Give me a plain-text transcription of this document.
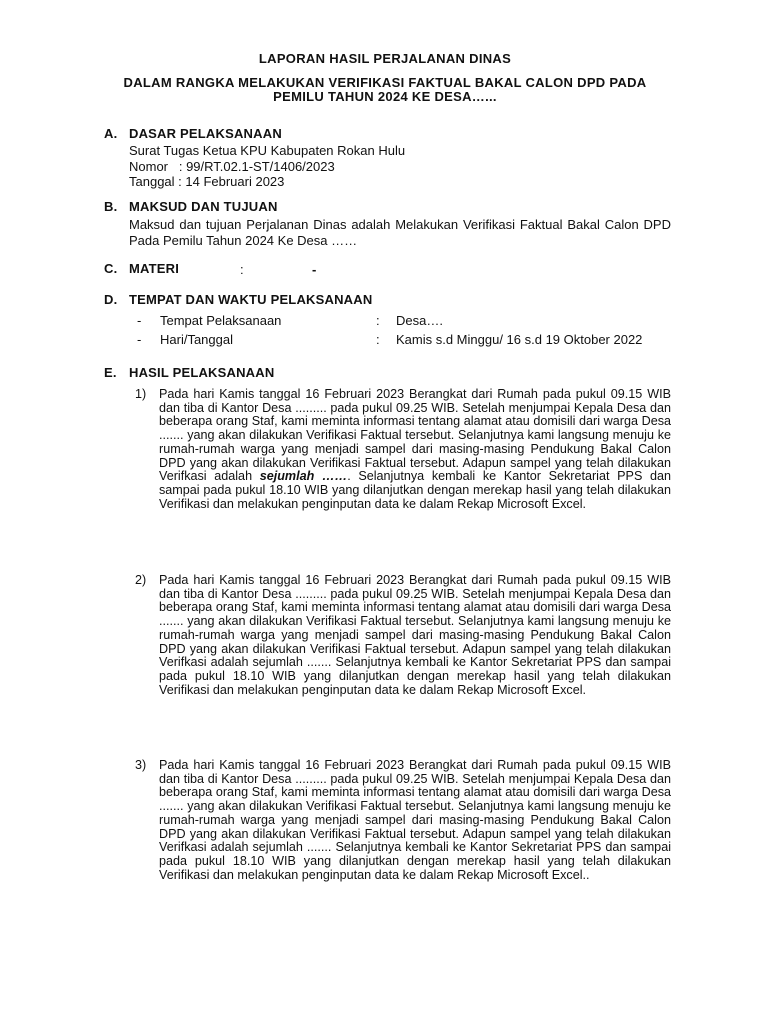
LAPORAN HASIL PERJALANAN DINAS
DALAM RANGKA MELAKUKAN VERIFIKASI FAKTUAL BAKAL CALON DPD PADA
PEMILU TAHUN 2024 KE DESA…...
A. DASAR PELAKSANAAN
Surat Tugas Ketua KPU Kabupaten Rokan Hulu
Nomor   : 99/RT.02.1-ST/1406/2023
Tanggal : 14 Februari 2023
B. MAKSUD DAN TUJUAN
Maksud dan tujuan Perjalanan Dinas adalah Melakukan Verifikasi Faktual Bakal Calon DPD Pada Pemilu Tahun 2024 Ke Desa ……
C. MATERI	:	-
D. TEMPAT DAN WAKTU PELAKSANAAN
- Tempat Pelaksanaan	: Desa….
- Hari/Tanggal	: Kamis s.d Minggu/ 16 s.d 19 Oktober 2022
E. HASIL PELAKSANAAN
1)	Pada hari Kamis tanggal 16 Februari 2023 Berangkat dari Rumah pada pukul 09.15 WIB dan tiba di Kantor Desa ......... pada pukul 09.25 WIB. Setelah menjumpai Kepala Desa dan beberapa orang Staf, kami meminta informasi tentang alamat atau domisili dari warga Desa ....... yang akan dilakukan Verifikasi Faktual tersebut. Selanjutnya kami langsung menuju ke rumah-rumah warga yang menjadi sampel dari masing-masing Pendukung Bakal Calon DPD yang akan dilakukan Verifikasi Faktual tersebut. Adapun sampel yang telah dilakukan Verifkasi adalah sejumlah ……. Selanjutnya kembali ke Kantor Sekretariat PPS dan sampai pada pukul 18.10 WIB yang dilanjutkan dengan merekap hasil yang telah dilakukan Verifikasi dan melakukan penginputan data ke dalam Rekap Microsoft Excel.
2)	Pada hari Kamis tanggal 16 Februari 2023 Berangkat dari Rumah pada pukul 09.15 WIB dan tiba di Kantor Desa ......... pada pukul 09.25 WIB. Setelah menjumpai Kepala Desa dan beberapa orang Staf, kami meminta informasi tentang alamat atau domisili dari warga Desa ....... yang akan dilakukan Verifikasi Faktual tersebut. Selanjutnya kami langsung menuju ke rumah-rumah warga yang menjadi sampel dari masing-masing Pendukung Bakal Calon DPD yang akan dilakukan Verifikasi Faktual tersebut. Adapun sampel yang telah dilakukan Verifkasi adalah sejumlah ....... Selanjutnya kembali ke Kantor Sekretariat PPS dan sampai pada pukul 18.10 WIB yang dilanjutkan dengan merekap hasil yang telah dilakukan Verifikasi dan melakukan penginputan data ke dalam Rekap Microsoft Excel.
3)	Pada hari Kamis tanggal 16 Februari 2023 Berangkat dari Rumah pada pukul 09.15 WIB dan tiba di Kantor Desa ......... pada pukul 09.25 WIB. Setelah menjumpai Kepala Desa dan beberapa orang Staf, kami meminta informasi tentang alamat atau domisili dari warga Desa ....... yang akan dilakukan Verifikasi Faktual tersebut. Selanjutnya kami langsung menuju ke rumah-rumah warga yang menjadi sampel dari masing-masing Pendukung Bakal Calon DPD yang akan dilakukan Verifikasi Faktual tersebut. Adapun sampel yang telah dilakukan Verifkasi adalah sejumlah ....... Selanjutnya kembali ke Kantor Sekretariat PPS dan sampai pada pukul 18.10 WIB yang dilanjutkan dengan merekap hasil yang telah dilakukan Verifikasi dan melakukan penginputan data ke dalam Rekap Microsoft Excel..
